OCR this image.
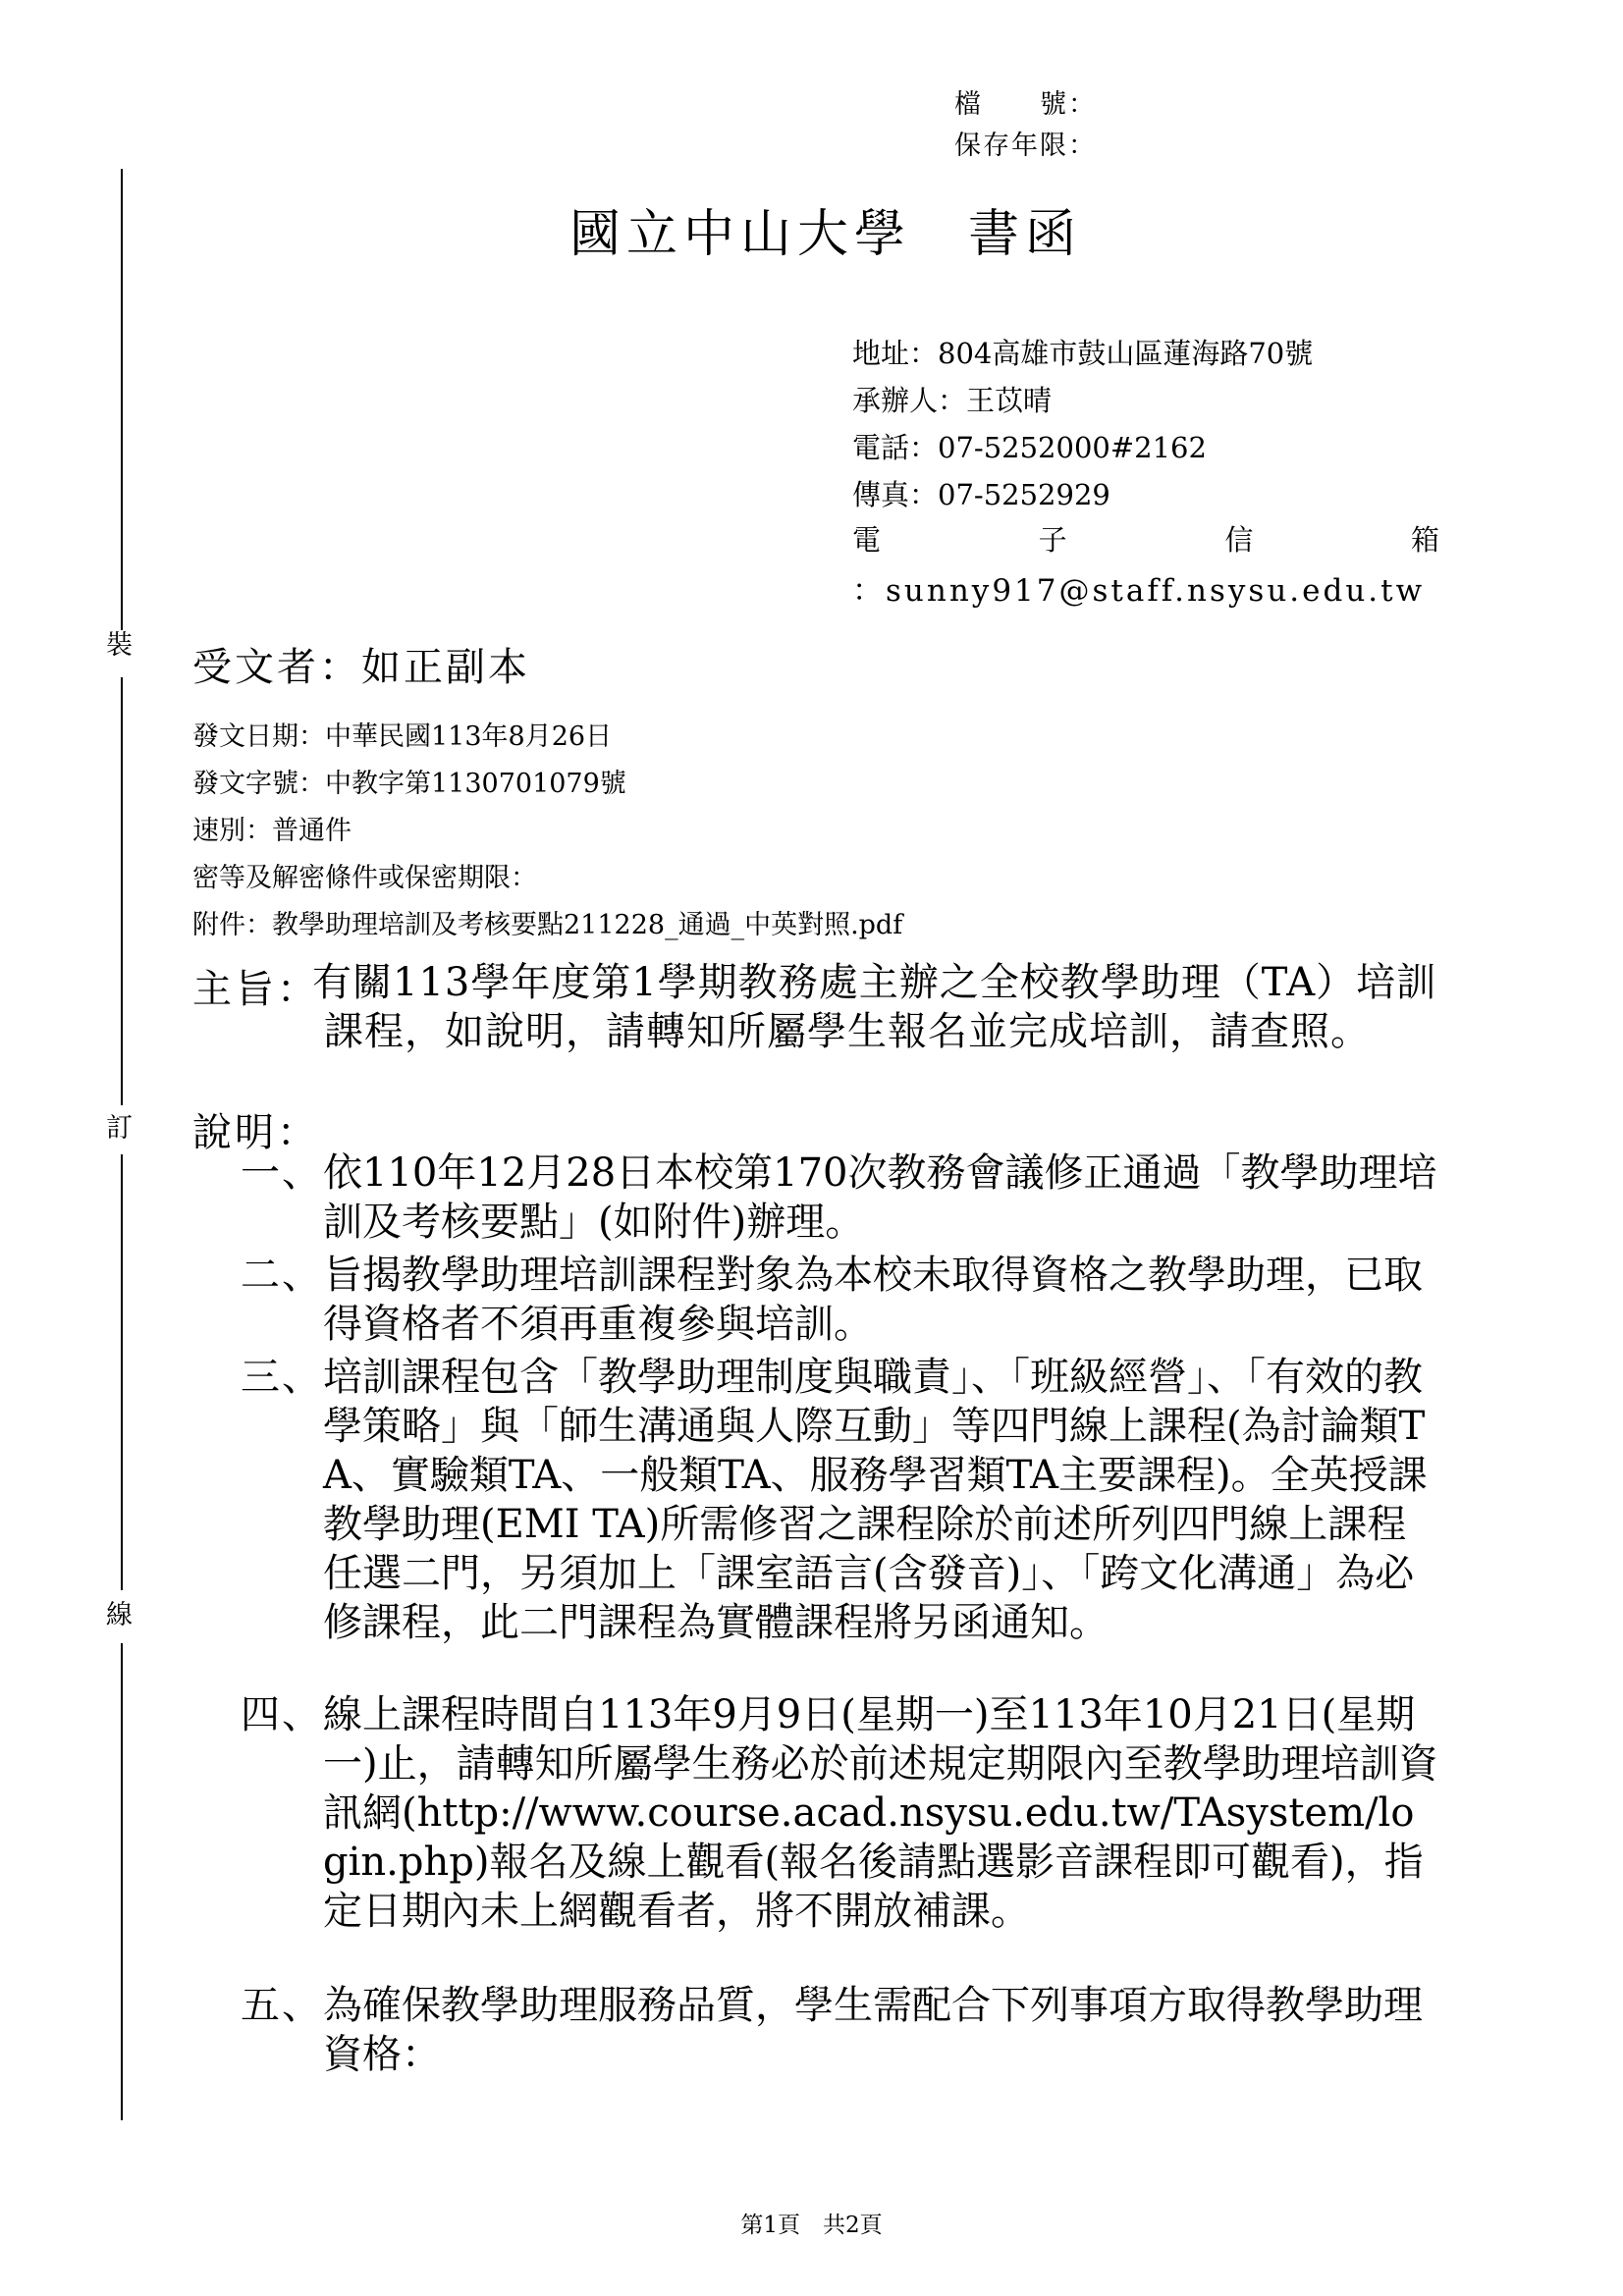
檔　　號：
保存年限：
國立中山大學　書函
裝
訂
線
地址：804高雄市鼓山區蓮海路70號
承辦人：王苡晴
電話：07-5252000#2162
傳真：07-5252929
電	子	信	箱
：sunny917@staff.nsysu.edu.tw
受文者：如正副本
發文日期：中華民國113年8月26日
發文字號：中教字第1130701079號
速別：普通件
密等及解密條件或保密期限：
附件：教學助理培訓及考核要點211228_通過_中英對照.pdf
主旨：
有關113學年度第1學期教務處主辦之全校教學助理（TA）培訓課程，如說明，請轉知所屬學生報名並完成培訓，請查照。
說明：
一、 依110年12月28日本校第170次教務會議修正通過「教學助理培訓及考核要點」(如附件)辦理。
二、 旨揭教學助理培訓課程對象為本校未取得資格之教學助理，已取得資格者不須再重複參與培訓。
三、 培訓課程包含「教學助理制度與職責」、「班級經營」、「有效的教學策略」與「師生溝通與人際互動」等四門線上課程(為討論類TA、實驗類TA、一般類TA、服務學習類TA主要課程)。全英授課教學助理(EMI TA)所需修習之課程除於前述所列四門線上課程任選二門，另須加上「課室語言(含發音)」、「跨文化溝通」為必修課程，此二門課程為實體課程將另函通知。
四、 線上課程時間自113年9月9日(星期一)至113年10月21日(星期一)止，請轉知所屬學生務必於前述規定期限內至教學助理培訓資訊網(http://www.course.acad.nsysu.edu.tw/TAsystem/login.php)報名及線上觀看(報名後請點選影音課程即可觀看)，指定日期內未上網觀看者，將不開放補課。
五、 為確保教學助理服務品質，學生需配合下列事項方取得教學助理資格：
第1頁　共2頁
